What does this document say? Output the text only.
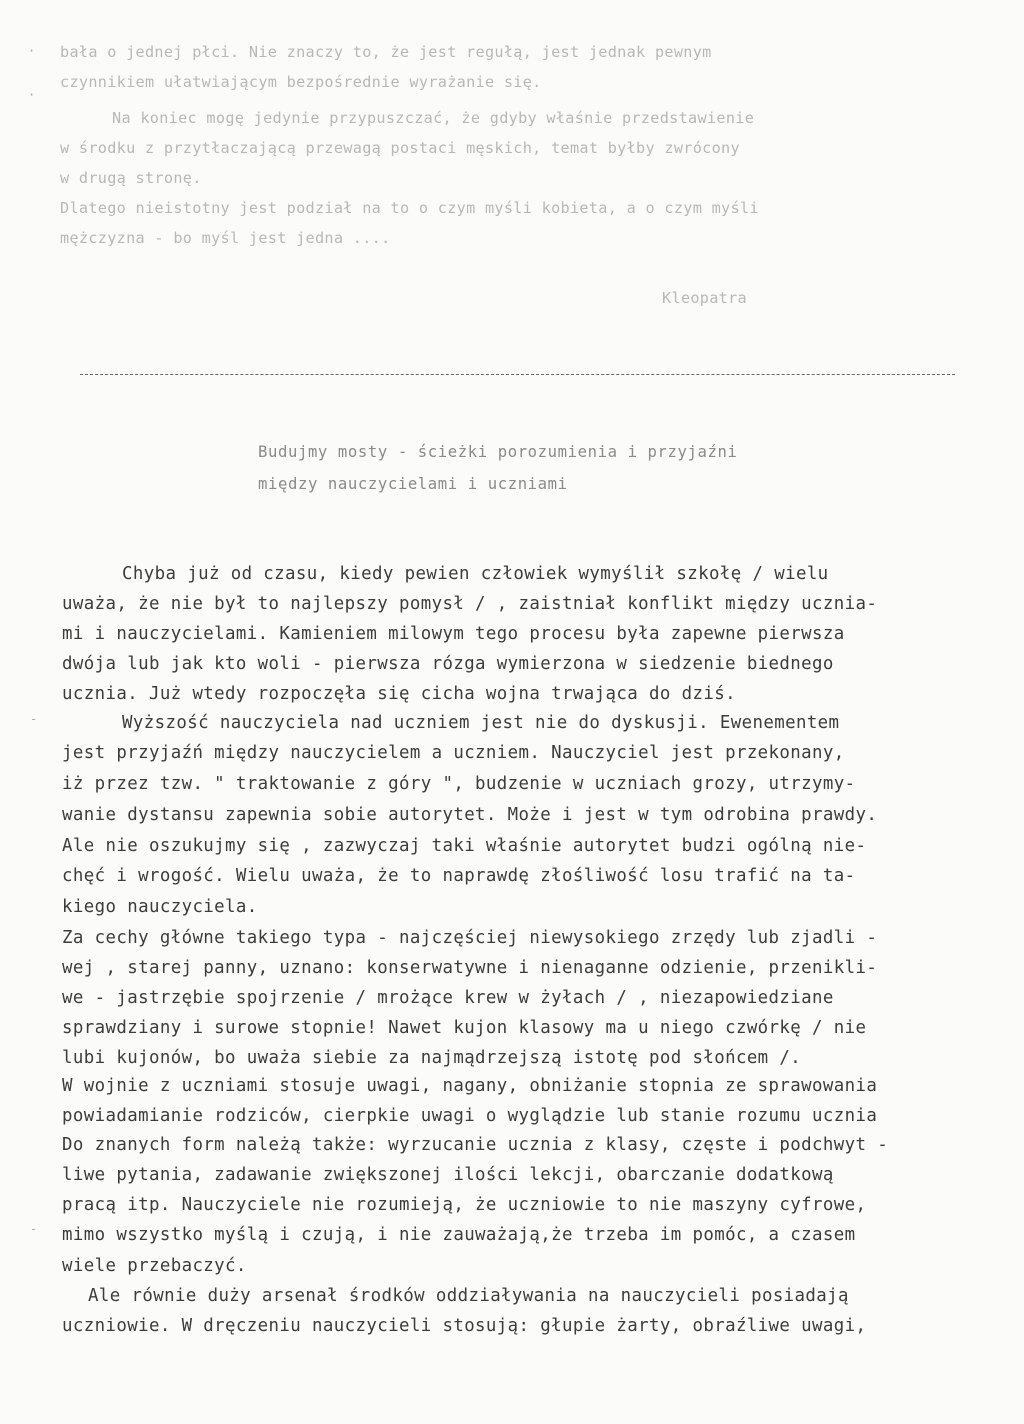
bała o jednej płci. Nie znaczy to, że jest regułą, jest jednak pewnym
czynnikiem ułatwiającym bezpośrednie wyrażanie się.
Na koniec mogę jedynie przypuszczać, że gdyby właśnie przedstawienie
w środku z przytłaczającą przewagą postaci męskich, temat byłby zwrócony
w drugą stronę.
Dlatego nieistotny jest podział na to o czym myśli kobieta, a o czym myśli
mężczyzna - bo myśl jest jedna ....
Kleopatra
Budujmy mosty - ścieżki porozumienia i przyjaźni
między nauczycielami i uczniami
Chyba już od czasu, kiedy pewien człowiek wymyślił szkołę / wielu
uważa, że nie był to najlepszy pomysł / , zaistniał konflikt między ucznia-
mi i nauczycielami. Kamieniem milowym tego procesu była zapewne pierwsza
dwója lub jak kto woli - pierwsza rózga wymierzona w siedzenie biednego
ucznia. Już wtedy rozpoczęła się cicha wojna trwająca do dziś.
Wyższość nauczyciela nad uczniem jest nie do dyskusji. Ewenementem
jest przyjaźń między nauczycielem a uczniem. Nauczyciel jest przekonany,
iż przez tzw. " traktowanie z góry ", budzenie w uczniach grozy, utrzymy-
wanie dystansu zapewnia sobie autorytet. Może i jest w tym odrobina prawdy.
Ale nie oszukujmy się , zazwyczaj taki właśnie autorytet budzi ogólną nie-
chęć i wrogość. Wielu uważa, że to naprawdę złośliwość losu trafić na ta-
kiego nauczyciela.
Za cechy główne takiego typa - najczęściej niewysokiego zrzędy lub zjadli -
wej , starej panny, uznano: konserwatywne i nienaganne odzienie, przenikli-
we - jastrzębie spojrzenie / mrożące krew w żyłach / , niezapowiedziane
sprawdziany i surowe stopnie! Nawet kujon klasowy ma u niego czwórkę / nie
lubi kujonów, bo uważa siebie za najmądrzejszą istotę pod słońcem /.
W wojnie z uczniami stosuje uwagi, nagany, obniżanie stopnia ze sprawowania
powiadamianie rodziców, cierpkie uwagi o wyglądzie lub stanie rozumu ucznia
Do znanych form należą także: wyrzucanie ucznia z klasy, częste i podchwyt -
liwe pytania, zadawanie zwiększonej ilości lekcji, obarczanie dodatkową
pracą itp. Nauczyciele nie rozumieją, że uczniowie to nie maszyny cyfrowe,
mimo wszystko myślą i czują, i nie zauważają,że trzeba im pomóc, a czasem
wiele przebaczyć.
Ale równie duży arsenał środków oddziaływania na nauczycieli posiadają
uczniowie. W dręczeniu nauczycieli stosują: głupie żarty, obraźliwe uwagi,
·
·
-
-
